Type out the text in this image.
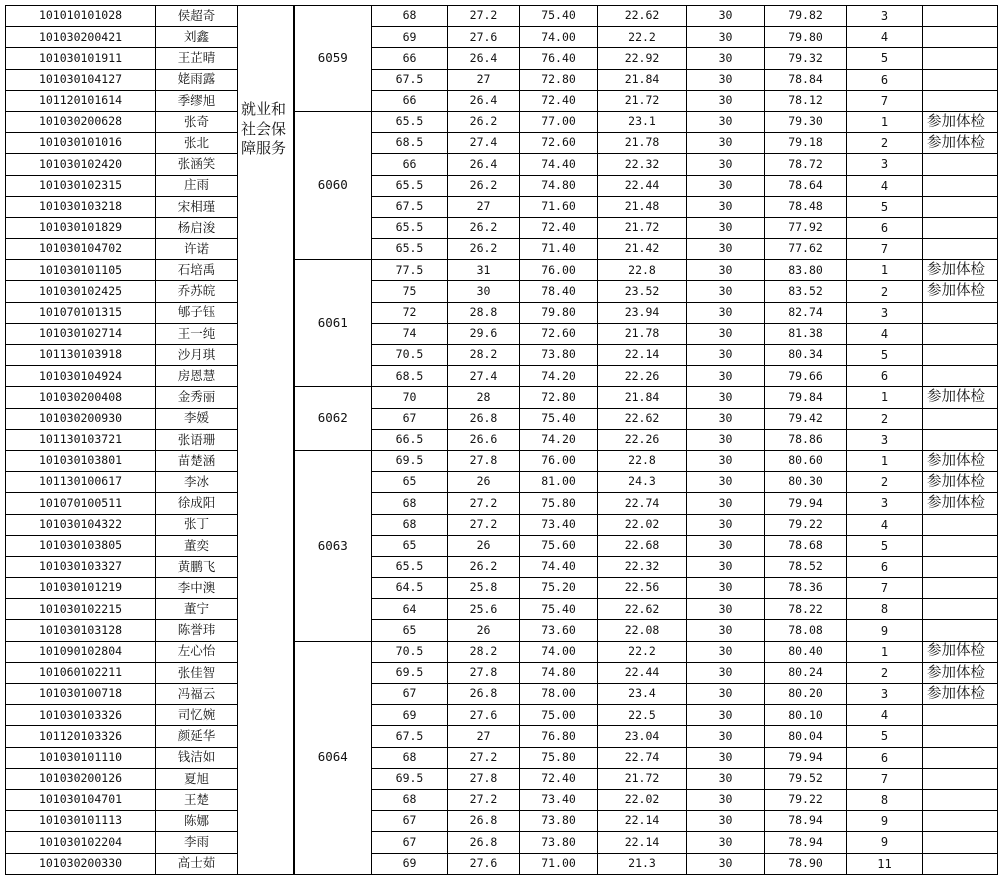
101010101028	侯超奇	就业和社会保障服务	6059	68	27.2	75.40	22.62	30	79.82	3	
101030200421	刘鑫			69	27.6	74.00	22.2	30	79.80	4	
101030101911	王芷晴			66	26.4	76.40	22.92	30	79.32	5	
101030104127	姥雨露			67.5	27	72.80	21.84	30	78.84	6	
101120101614	季缪旭			66	26.4	72.40	21.72	30	78.12	7	
101030200628	张奇		6060	65.5	26.2	77.00	23.1	30	79.30	1	参加体检
101030101016	张北			68.5	27.4	72.60	21.78	30	79.18	2	参加体检
101030102420	张涵笑			66	26.4	74.40	22.32	30	78.72	3	
101030102315	庄雨			65.5	26.2	74.80	22.44	30	78.64	4	
101030103218	宋相瑾			67.5	27	71.60	21.48	30	78.48	5	
101030101829	杨启浚			65.5	26.2	72.40	21.72	30	77.92	6	
101030104702	许诺			65.5	26.2	71.40	21.42	30	77.62	7	
101030101105	石培禹		6061	77.5	31	76.00	22.8	30	83.80	1	参加体检
101030102425	乔苏皖			75	30	78.40	23.52	30	83.52	2	参加体检
101070101315	郇子钰			72	28.8	79.80	23.94	30	82.74	3	
101030102714	王一纯			74	29.6	72.60	21.78	30	81.38	4	
101130103918	沙月琪			70.5	28.2	73.80	22.14	30	80.34	5	
101030104924	房恩慧			68.5	27.4	74.20	22.26	30	79.66	6	
101030200408	金秀丽		6062	70	28	72.80	21.84	30	79.84	1	参加体检
101030200930	李媛			67	26.8	75.40	22.62	30	79.42	2	
101130103721	张语珊			66.5	26.6	74.20	22.26	30	78.86	3	
101030103801	苗楚涵		6063	69.5	27.8	76.00	22.8	30	80.60	1	参加体检
101130100617	李冰			65	26	81.00	24.3	30	80.30	2	参加体检
101070100511	徐成阳			68	27.2	75.80	22.74	30	79.94	3	参加体检
101030104322	张丁			68	27.2	73.40	22.02	30	79.22	4	
101030103805	董奕			65	26	75.60	22.68	30	78.68	5	
101030103327	黄鹏飞			65.5	26.2	74.40	22.32	30	78.52	6	
101030101219	李中澳			64.5	25.8	75.20	22.56	30	78.36	7	
101030102215	董宁			64	25.6	75.40	22.62	30	78.22	8	
101030103128	陈誉玮			65	26	73.60	22.08	30	78.08	9	
101090102804	左心怡		6064	70.5	28.2	74.00	22.2	30	80.40	1	参加体检
101060102211	张佳智			69.5	27.8	74.80	22.44	30	80.24	2	参加体检
101030100718	冯福云			67	26.8	78.00	23.4	30	80.20	3	参加体检
101030103326	司忆婉			69	27.6	75.00	22.5	30	80.10	4	
101120103326	颜延华			67.5	27	76.80	23.04	30	80.04	5	
101030101110	钱洁如			68	27.2	75.80	22.74	30	79.94	6	
101030200126	夏旭			69.5	27.8	72.40	21.72	30	79.52	7	
101030104701	王楚			68	27.2	73.40	22.02	30	79.22	8	
101030101113	陈娜			67	26.8	73.80	22.14	30	78.94	9	
101030102204	李雨			67	26.8	73.80	22.14	30	78.94	9	
101030200330	高士茹			69	27.6	71.00	21.3	30	78.90	11	
